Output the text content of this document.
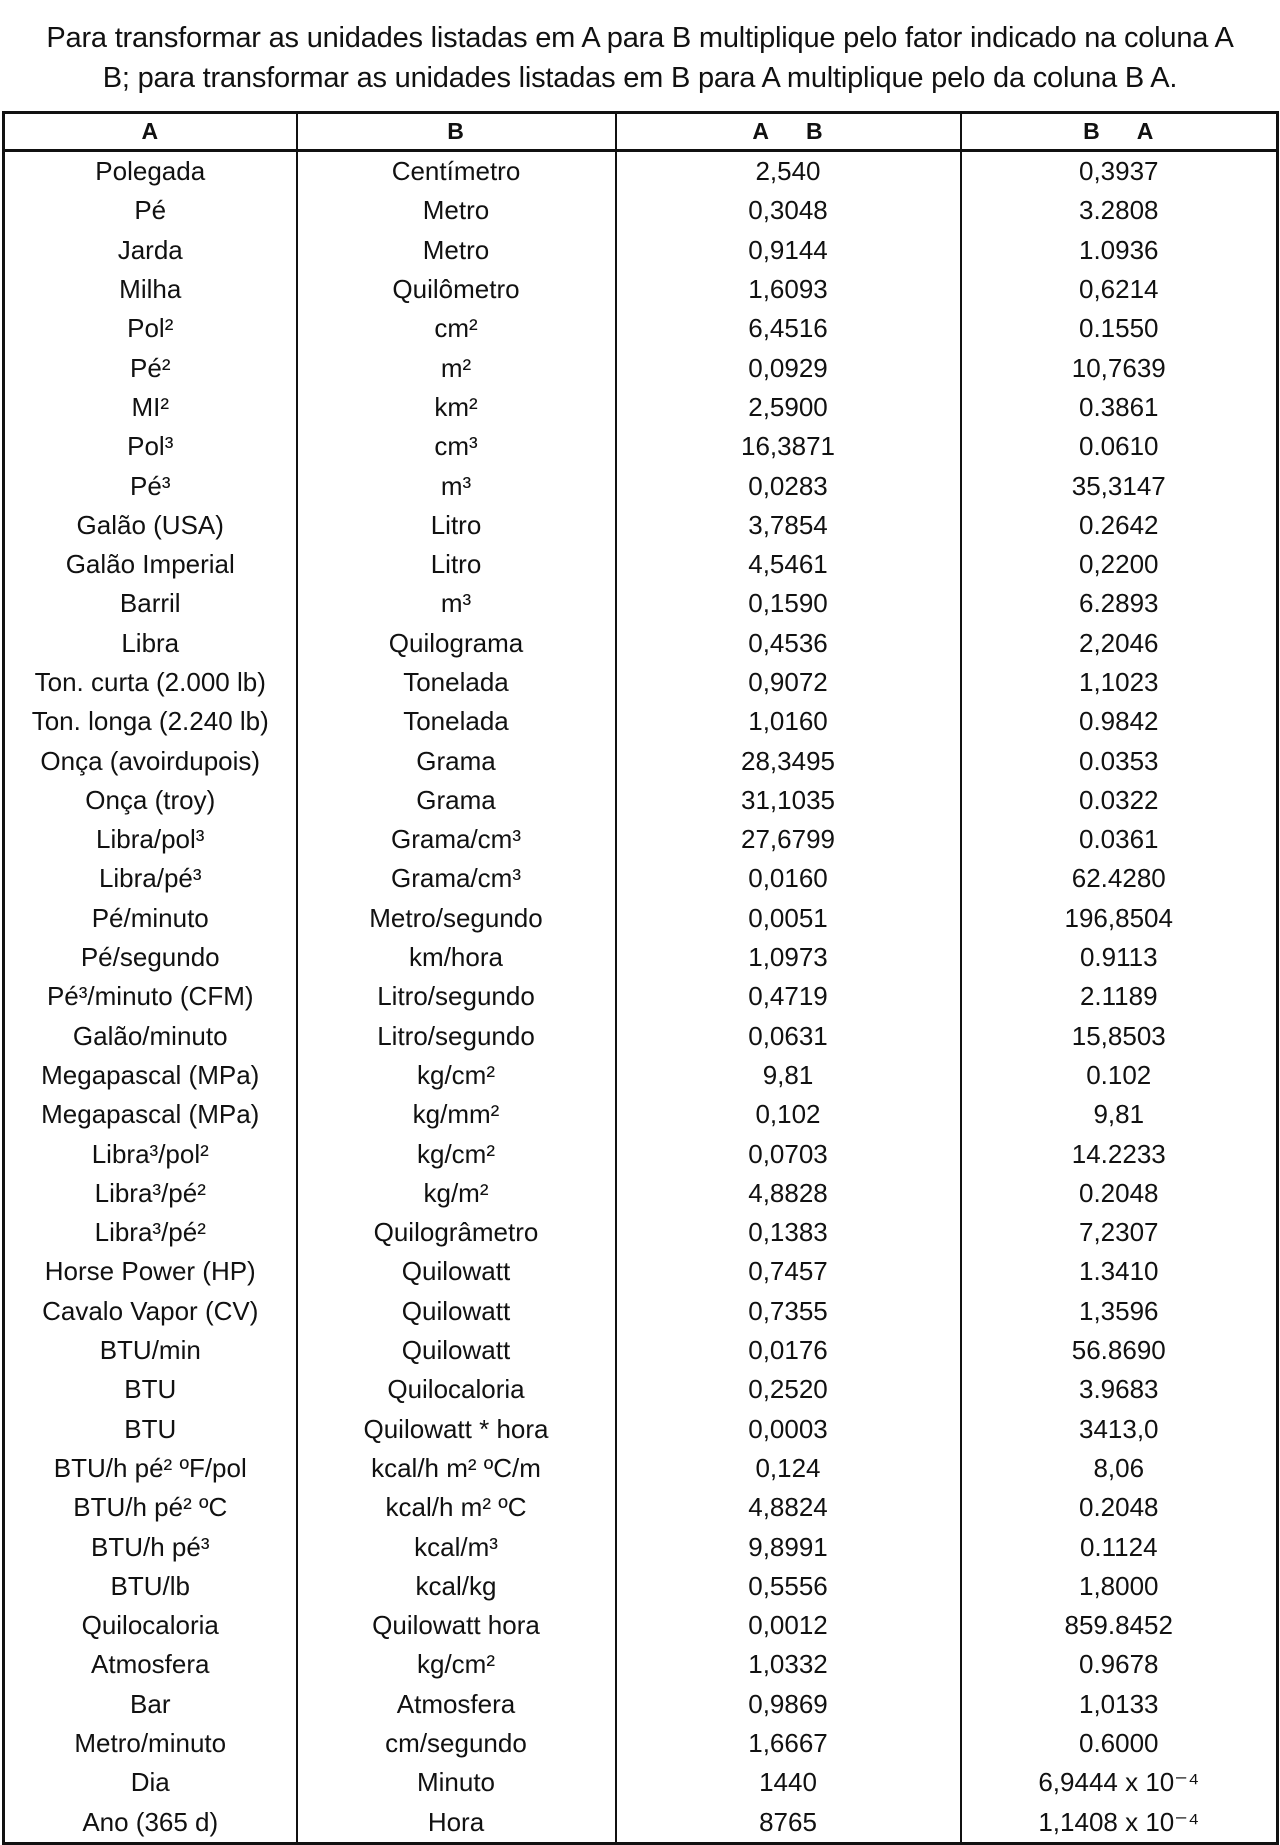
Para transformar as unidades listadas em A para B multiplique pelo fator indicado na coluna A
B; para transformar as unidades listadas em B para A multiplique pelo da coluna B A.
A	B	A     B	B     A
Polegada	Centímetro	2,540	0,3937
Pé	Metro	0,3048	3.2808
Jarda	Metro	0,9144	1.0936
Milha	Quilômetro	1,6093	0,6214
Pol²	cm²	6,4516	0.1550
Pé²	m²	0,0929	10,7639
MI²	km²	2,5900	0.3861
Pol³	cm³	16,3871	0.0610
Pé³	m³	0,0283	35,3147
Galão (USA)	Litro	3,7854	0.2642
Galão Imperial	Litro	4,5461	0,2200
Barril	m³	0,1590	6.2893
Libra	Quilograma	0,4536	2,2046
Ton. curta (2.000 lb)	Tonelada	0,9072	1,1023
Ton. longa (2.240 lb)	Tonelada	1,0160	0.9842
Onça (avoirdupois)	Grama	28,3495	0.0353
Onça (troy)	Grama	31,1035	0.0322
Libra/pol³	Grama/cm³	27,6799	0.0361
Libra/pé³	Grama/cm³	0,0160	62.4280
Pé/minuto	Metro/segundo	0,0051	196,8504
Pé/segundo	km/hora	1,0973	0.9113
Pé³/minuto (CFM)	Litro/segundo	0,4719	2.1189
Galão/minuto	Litro/segundo	0,0631	15,8503
Megapascal (MPa)	kg/cm²	9,81	0.102
Megapascal (MPa)	kg/mm²	0,102	9,81
Libra³/pol²	kg/cm²	0,0703	14.2233
Libra³/pé²	kg/m²	4,8828	0.2048
Libra³/pé²	Quilogrâmetro	0,1383	7,2307
Horse Power (HP)	Quilowatt	0,7457	1.3410
Cavalo Vapor (CV)	Quilowatt	0,7355	1,3596
BTU/min	Quilowatt	0,0176	56.8690
BTU	Quilocaloria	0,2520	3.9683
BTU	Quilowatt * hora	0,0003	3413,0
BTU/h pé² ºF/pol	kcal/h m² ºC/m	0,124	8,06
BTU/h pé² ºC	kcal/h m² ºC	4,8824	0.2048
BTU/h pé³	kcal/m³	9,8991	0.1124
BTU/lb	kcal/kg	0,5556	1,8000
Quilocaloria	Quilowatt hora	0,0012	859.8452
Atmosfera	kg/cm²	1,0332	0.9678
Bar	Atmosfera	0,9869	1,0133
Metro/minuto	cm/segundo	1,6667	0.6000
Dia	Minuto	1440	6,9444 x 10⁻⁴
Ano (365 d)	Hora	8765	1,1408 x 10⁻⁴
